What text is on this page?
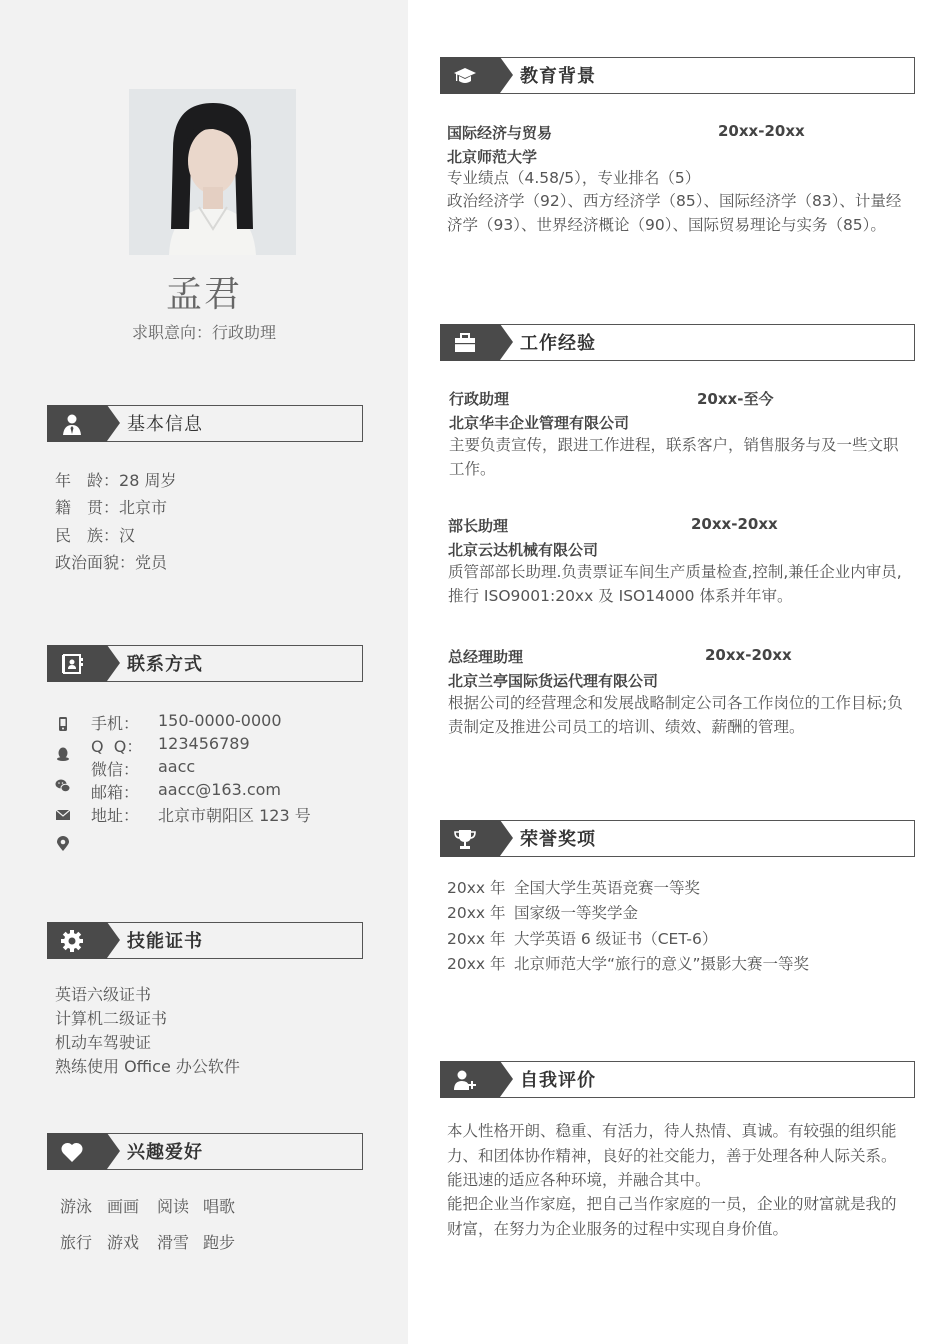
孟君
求职意向：行政助理
基本信息
年　龄：28 周岁
籍　贯：北京市
民　族：汉
政治面貌：党员
联系方式
手机： 150-0000-0000
Q  Q： 123456789
微信： aacc
邮箱： aacc@163.com
地址： 北京市朝阳区 123 号
技能证书
英语六级证书
计算机二级证书
机动车驾驶证
熟练使用 Office 办公软件
兴趣爱好
游泳 画画 阅读 唱歌
旅行 游戏 滑雪 跑步
教育背景
国际经济与贸易	20xx-20xx
北京师范大学
专业绩点（4.58/5），专业排名（5）
政治经济学（92）、西方经济学（85）、国际经济学（83）、计量经济学（93）、世界经济概论（90）、国际贸易理论与实务（85）。
工作经验
行政助理	20xx-至今
北京华丰企业管理有限公司
主要负责宣传，跟进工作进程，联系客户，销售服务与及一些文职工作。
部长助理	20xx-20xx
北京云达机械有限公司
质管部部长助理.负责票证车间生产质量检查,控制,兼任企业内审员,推行 ISO9001:20xx 及 ISO14000 体系并年审。
总经理助理	20xx-20xx
北京兰亭国际货运代理有限公司
根据公司的经营理念和发展战略制定公司各工作岗位的工作目标;负责制定及推进公司员工的培训、绩效、薪酬的管理。
荣誉奖项
20xx 年 全国大学生英语竞赛一等奖
20xx 年 国家级一等奖学金
20xx 年 大学英语 6 级证书（CET-6）
20xx 年 北京师范大学“旅行的意义”摄影大赛一等奖
自我评价
本人性格开朗、稳重、有活力，待人热情、真诚。有较强的组织能力、和团体协作精神，良好的社交能力，善于处理各种人际关系。能迅速的适应各种环境，并融合其中。
能把企业当作家庭，把自己当作家庭的一员，企业的财富就是我的财富，在努力为企业服务的过程中实现自身价值。
